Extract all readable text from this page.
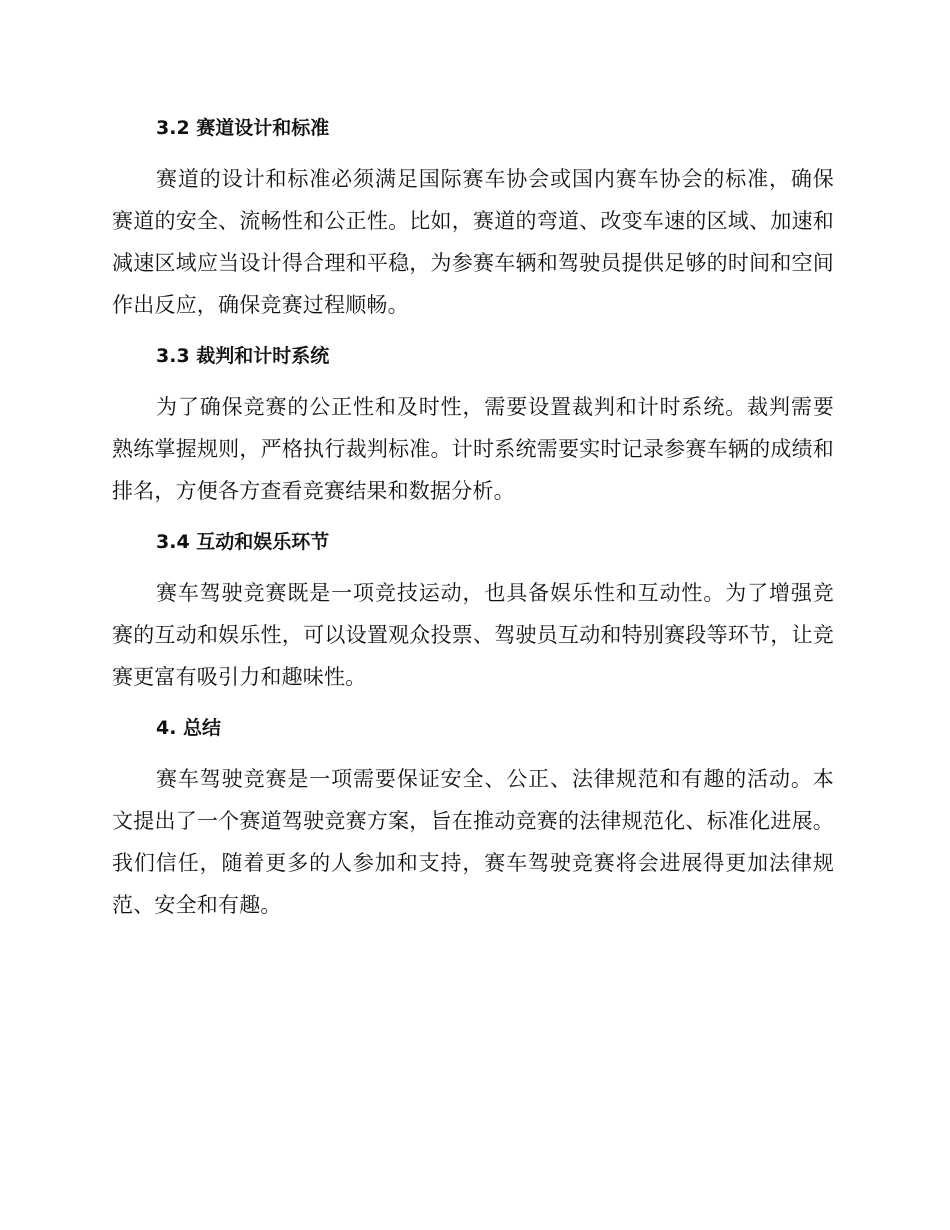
3.2 赛道设计和标准

赛道的设计和标准必须满足国际赛车协会或国内赛车协会的标准，确保赛道的安全、流畅性和公正性。比如，赛道的弯道、改变车速的区域、加速和减速区域应当设计得合理和平稳，为参赛车辆和驾驶员提供足够的时间和空间作出反应，确保竞赛过程顺畅。

3.3 裁判和计时系统

为了确保竞赛的公正性和及时性，需要设置裁判和计时系统。裁判需要熟练掌握规则，严格执行裁判标准。计时系统需要实时记录参赛车辆的成绩和排名，方便各方查看竞赛结果和数据分析。

3.4 互动和娱乐环节

赛车驾驶竞赛既是一项竞技运动，也具备娱乐性和互动性。为了增强竞赛的互动和娱乐性，可以设置观众投票、驾驶员互动和特别赛段等环节，让竞赛更富有吸引力和趣味性。

4. 总结

赛车驾驶竞赛是一项需要保证安全、公正、法律规范和有趣的活动。本文提出了一个赛道驾驶竞赛方案，旨在推动竞赛的法律规范化、标准化进展。我们信任，随着更多的人参加和支持，赛车驾驶竞赛将会进展得更加法律规范、安全和有趣。
